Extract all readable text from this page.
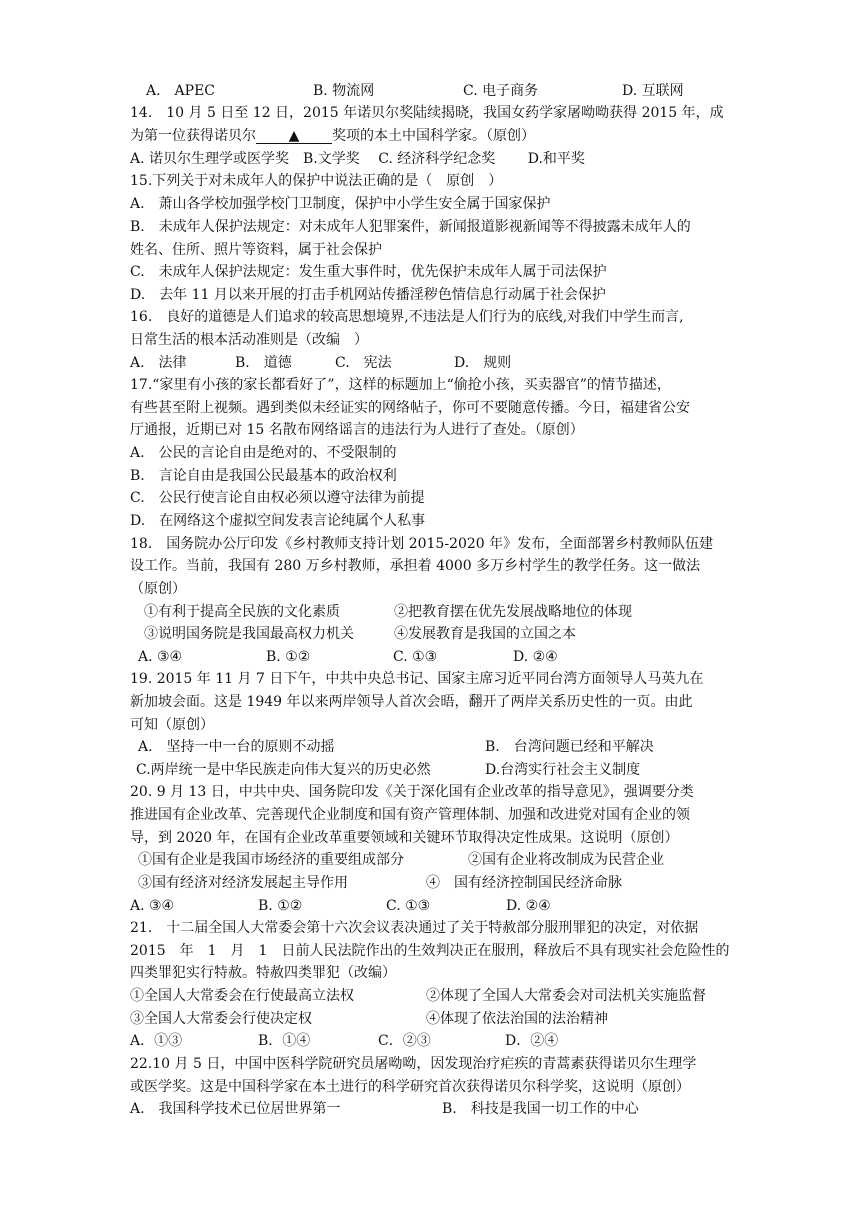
A.　APEC	B. 物流网	C. 电子商务	D. 互联网
14.　10 月 5 日至 12 日，2015 年诺贝尔奖陆续揭晓，我国女药学家屠呦呦获得 2015 年，成
为第一位获得诺贝尔 ▲ 奖项的本土中国科学家。（原创）
A. 诺贝尔生理学或医学奖　B.文学奖　 C. 经济科学纪念奖　　 D.和平奖
15.下列关于对未成年人的保护中说法正确的是（　原创　）
A.　萧山各学校加强学校门卫制度，保护中小学生安全属于国家保护
B.　未成年人保护法规定：对未成年人犯罪案件，新闻报道影视新闻等不得披露未成年人的
姓名、住所、照片等资料，属于社会保护
C.　未成年人保护法规定：发生重大事件时，优先保护未成年人属于司法保护
D.　去年 11 月以来开展的打击手机网站传播淫秽色情信息行动属于社会保护
16.　良好的道德是人们追求的较高思想境界,不违法是人们行为的底线,对我们中学生而言,
日常生活的根本活动准则是（改编　）
A.　法律	B.　道德	C.　宪法	D.　规则
17.“家里有小孩的家长都看好了”，这样的标题加上“偷抢小孩，买卖器官”的情节描述，
有些甚至附上视频。遇到类似未经证实的网络帖子，你可不要随意传播。今日，福建省公安
厅通报，近期已对 15 名散布网络谣言的违法行为人进行了查处。（原创）
A.　公民的言论自由是绝对的、不受限制的
B.　言论自由是我国公民最基本的政治权利
C.　公民行使言论自由权必须以遵守法律为前提
D.　在网络这个虚拟空间发表言论纯属个人私事
18.　国务院办公厅印发《乡村教师支持计划 2015-2020 年》发布，全面部署乡村教师队伍建
设工作。当前，我国有 280 万乡村教师，承担着 4000 多万乡村学生的教学任务。这一做法
（原创）
①有利于提高全民族的文化素质	②把教育摆在优先发展战略地位的体现
③说明国务院是我国最高权力机关	④发展教育是我国的立国之本
A. ③④	B. ①②	C. ①③	D. ②④
19. 2015 年 11 月 7 日下午，中共中央总书记、国家主席习近平同台湾方面领导人马英九在
新加坡会面。这是 1949 年以来两岸领导人首次会晤，翻开了两岸关系历史性的一页。由此
可知（原创）
A.　坚持一中一台的原则不动摇	B.　台湾问题已经和平解决
C.两岸统一是中华民族走向伟大复兴的历史必然	D.台湾实行社会主义制度
20. 9 月 13 日，中共中央、国务院印发《关于深化国有企业改革的指导意见》，强调要分类
推进国有企业改革、完善现代企业制度和国有资产管理体制、加强和改进党对国有企业的领
导，到 2020 年，在国有企业改革重要领域和关键环节取得决定性成果。这说明（原创）
①国有企业是我国市场经济的重要组成部分	②国有企业将改制成为民营企业
③国有经济对经济发展起主导作用	④　国有经济控制国民经济命脉
A. ③④	B. ①②	C. ①③	D. ②④
21.　十二届全国人大常委会第十六次会议表决通过了关于特赦部分服刑罪犯的决定，对依据
2015　年　1　月　1　日前人民法院作出的生效判决正在服刑，释放后不具有现实社会危险性的
四类罪犯实行特赦。特赦四类罪犯（改编）
①全国人大常委会在行使最高立法权	②体现了全国人大常委会对司法机关实施监督
③全国人大常委会行使决定权	④体现了依法治国的法治精神
A．①③	B．①④	C．②③	D．②④
22.10 月 5 日，中国中医科学院研究员屠呦呦，因发现治疗疟疾的青蒿素获得诺贝尔生理学
或医学奖。这是中国科学家在本土进行的科学研究首次获得诺贝尔科学奖，这说明（原创）
A.　我国科学技术已位居世界第一	B.　科技是我国一切工作的中心
